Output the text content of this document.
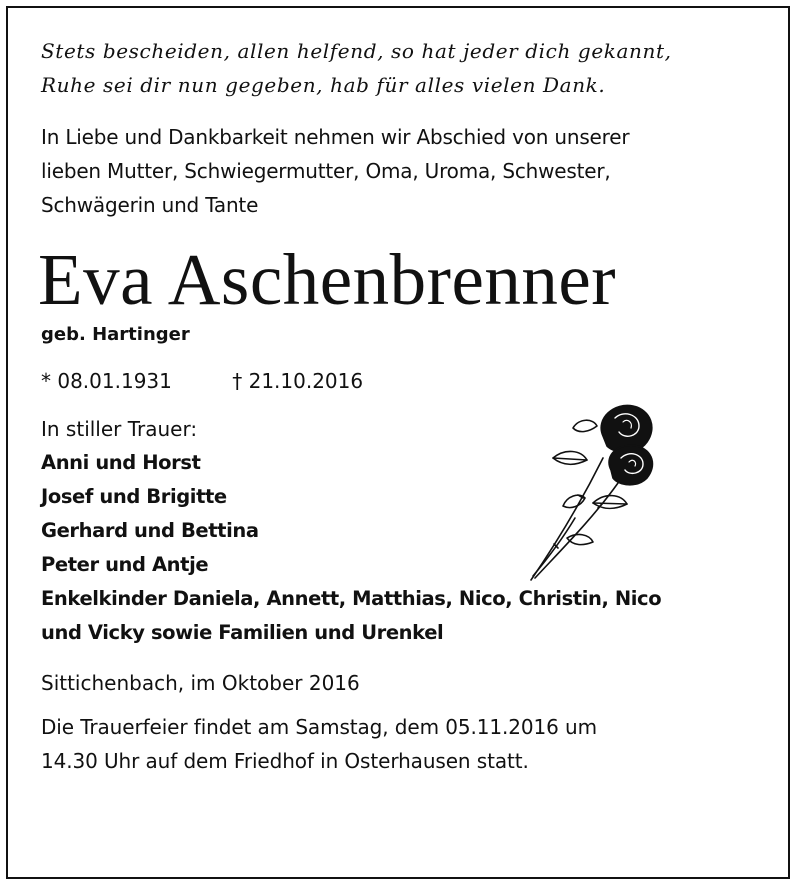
Stets bescheiden, allen helfend, so hat jeder dich gekannt,
Ruhe sei dir nun gegeben, hab für alles vielen Dank.
In Liebe und Dankbarkeit nehmen wir Abschied von unserer
lieben Mutter, Schwiegermutter, Oma, Uroma, Schwester,
Schwägerin und Tante
Eva Aschenbrenner
geb. Hartinger
* 08.01.1931	† 21.10.2016
In stiller Trauer:
Anni und Horst
Josef und Brigitte
Gerhard und Bettina
Peter und Antje
Enkelkinder Daniela, Annett, Matthias, Nico, Christin, Nico
und Vicky sowie Familien und Urenkel
Sittichenbach, im Oktober 2016
Die Trauerfeier findet am Samstag, dem 05.11.2016 um
14.30 Uhr auf dem Friedhof in Osterhausen statt.
